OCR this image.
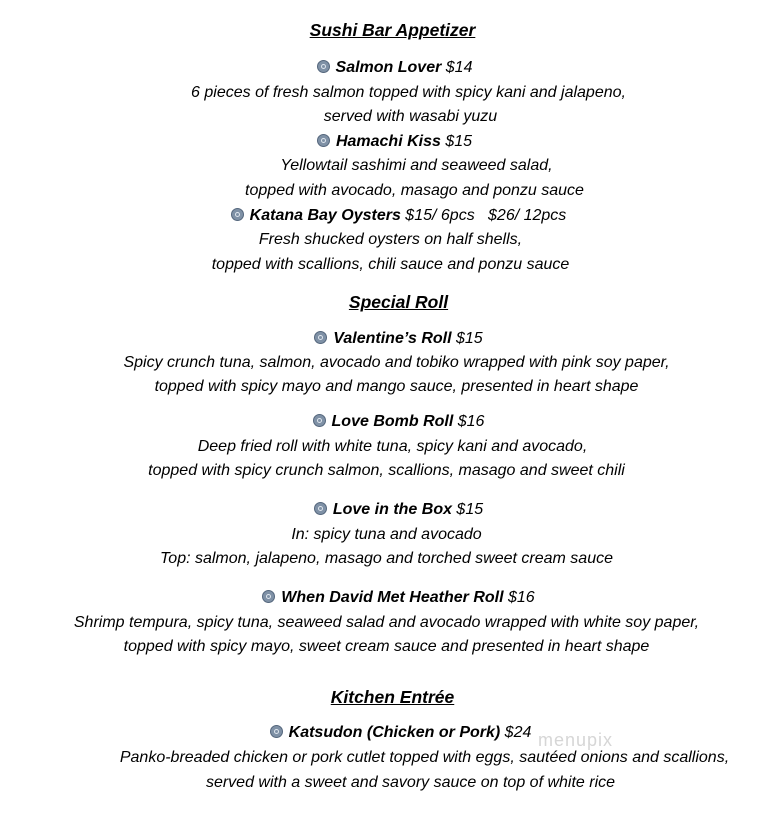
Sushi Bar Appetizer
Salmon Lover $14
6 pieces of fresh salmon topped with spicy kani and jalapeno,
served with wasabi yuzu
Hamachi Kiss $15
Yellowtail sashimi and seaweed salad,
topped with avocado, masago and ponzu sauce
Katana Bay Oysters $15/ 6pcs   $26/ 12pcs
Fresh shucked oysters on half shells,
topped with scallions, chili sauce and ponzu sauce
Special Roll
Valentine’s Roll $15
Spicy crunch tuna, salmon, avocado and tobiko wrapped with pink soy paper,
topped with spicy mayo and mango sauce, presented in heart shape
Love Bomb Roll $16
Deep fried roll with white tuna, spicy kani and avocado,
topped with spicy crunch salmon, scallions, masago and sweet chili
Love in the Box $15
In: spicy tuna and avocado
Top: salmon, jalapeno, masago and torched sweet cream sauce
When David Met Heather Roll $16
Shrimp tempura, spicy tuna, seaweed salad and avocado wrapped with white soy paper,
topped with spicy mayo, sweet cream sauce and presented in heart shape
Kitchen Entrée
Katsudon (Chicken or Pork) $24
Panko-breaded chicken or pork cutlet topped with eggs, sautéed onions and scallions,
served with a sweet and savory sauce on top of white rice
menupix
